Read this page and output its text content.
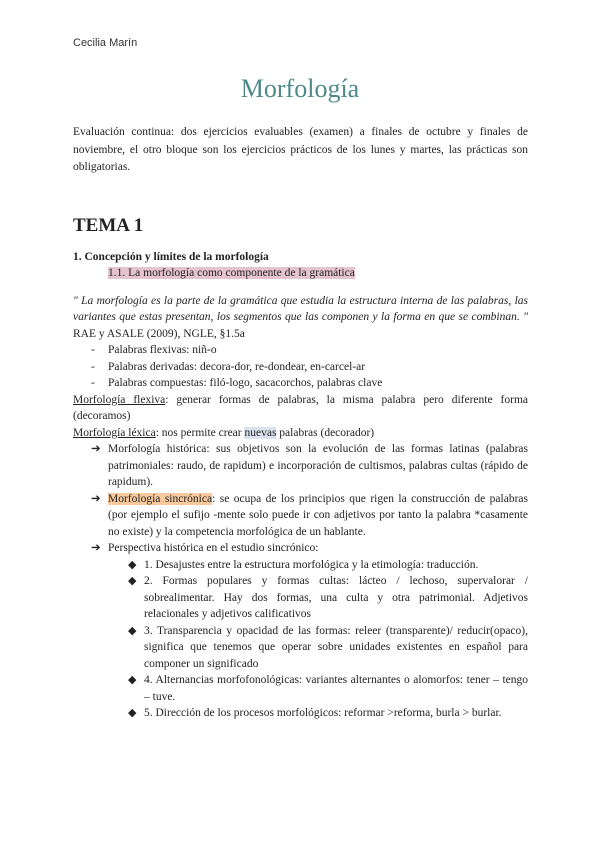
Cecilia Marín
Morfología

Evaluación continua: dos ejercicios evaluables (examen) a finales de octubre y finales de noviembre, el otro bloque son los ejercicios prácticos de los lunes y martes, las prácticas son obligatorias.

TEMA 1

1. Concepción y límites de la morfología

1.1. La morfología como componente de la gramática

" La morfología es la parte de la gramática que estudia la estructura interna de las palabras, las variantes que estas presentan, los segmentos que las componen y la forma en que se combinan. " RAE y ASALE (2009), NGLE, §1.5a

- Palabras flexivas: niñ-o
- Palabras derivadas: decora-dor, re-dondear, en-carcel-ar
- Palabras compuestas: filó-logo, sacacorchos, palabras clave

Morfología flexiva: generar formas de palabras, la misma palabra pero diferente forma (decoramos)

Morfología léxica: nos permite crear nuevas palabras (decorador)

➔ Morfología histórica: sus objetivos son la evolución de las formas latinas (palabras patrimoniales: raudo, de rapidum) e incorporación de cultismos, palabras cultas (rápido de rapidum).
➔ Morfología sincrónica: se ocupa de los principios que rigen la construcción de palabras (por ejemplo el sufijo -mente solo puede ir con adjetivos por tanto la palabra *casamente no existe) y la competencia morfológica de un hablante.
➔ Perspectiva histórica en el estudio sincrónico:
◆ 1. Desajustes entre la estructura morfológica y la etimología: traducción.
◆ 2. Formas populares y formas cultas: lácteo / lechoso, supervalorar / sobrealimentar. Hay dos formas, una culta y otra patrimonial. Adjetivos relacionales y adjetivos calificativos
◆ 3. Transparencia y opacidad de las formas: releer (transparente)/ reducir(opaco), significa que tenemos que operar sobre unidades existentes en español para componer un significado
◆ 4. Alternancias morfofonológicas: variantes alternantes o alomorfos: tener – tengo – tuve.
◆ 5. Dirección de los procesos morfológicos: reformar >reforma, burla > burlar.
